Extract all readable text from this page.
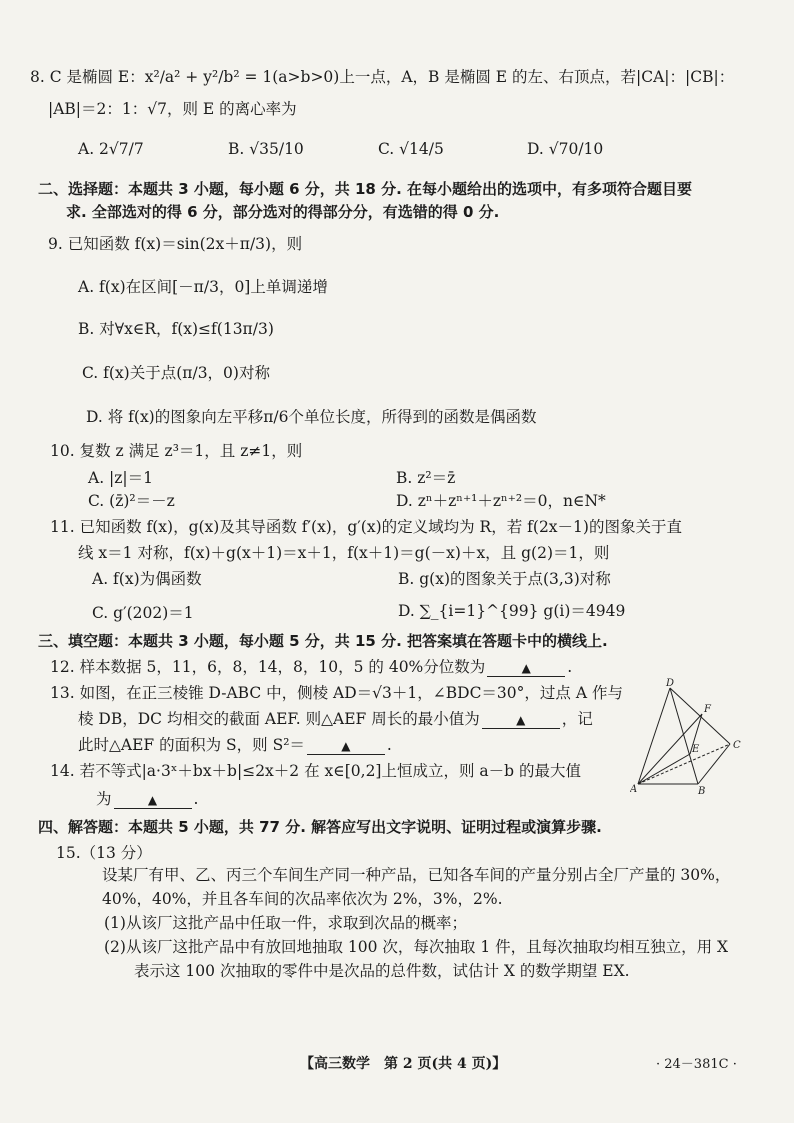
8. C 是椭圆 E：x²/a² + y²/b² = 1(a>b>0)上一点，A，B 是椭圆 E 的左、右顶点，若|CA|：|CB|：
|AB|＝2：1：√7，则 E 的离心率为
A. 2√7/7	B. √35/10	C. √14/5	D. √70/10
二、选择题：本题共 3 小题，每小题 6 分，共 18 分. 在每小题给出的选项中，有多项符合题目要
求. 全部选对的得 6 分，部分选对的得部分分，有选错的得 0 分.
9. 已知函数 f(x)＝sin(2x＋π/3)，则
A. f(x)在区间[－π/3，0]上单调递增
B. 对∀x∈R，f(x)≤f(13π/3)
C. f(x)关于点(π/3，0)对称
D. 将 f(x)的图象向左平移π/6个单位长度，所得到的函数是偶函数
10. 复数 z 满足 z³＝1，且 z≠1，则
A. |z|＝1	B. z²＝z̄
C. (z̄)²＝－z	D. zⁿ＋zⁿ⁺¹＋zⁿ⁺²＝0，n∈N*
11. 已知函数 f(x)，g(x)及其导函数 f′(x)，g′(x)的定义域均为 R，若 f(2x－1)的图象关于直
线 x＝1 对称，f(x)＋g(x＋1)＝x＋1，f(x＋1)＝g(－x)＋x，且 g(2)＝1，则
A. f(x)为偶函数	B. g(x)的图象关于点(3,3)对称
C. g′(202)＝1	D. ∑_{i=1}^{99} g(i)＝4949
三、填空题：本题共 3 小题，每小题 5 分，共 15 分. 把答案填在答题卡中的横线上.
12. 样本数据 5，11，6，8，14，8，10，5 的 40%分位数为	▲ .
13. 如图，在正三棱锥 D-ABC 中，侧棱 AD＝√3＋1，∠BDC＝30°，过点 A 作与
棱 DB，DC 均相交的截面 AEF. 则△AEF 周长的最小值为	▲ ，记
此时△AEF 的面积为 S，则 S²＝	▲ .
D
F
E	C
A	B
14. 若不等式|a·3ˣ＋bx＋b|≤2x＋2 在 x∈[0,2]上恒成立，则 a－b 的最大值
为	▲ .
四、解答题：本题共 5 小题，共 77 分. 解答应写出文字说明、证明过程或演算步骤.
15.（13 分）
设某厂有甲、乙、丙三个车间生产同一种产品，已知各车间的产量分别占全厂产量的 30%，
40%，40%，并且各车间的次品率依次为 2%，3%，2%.
(1)从该厂这批产品中任取一件，求取到次品的概率；
(2)从该厂这批产品中有放回地抽取 100 次，每次抽取 1 件，且每次抽取均相互独立，用 X
表示这 100 次抽取的零件中是次品的总件数，试估计 X 的数学期望 EX.
【高三数学　第 2 页(共 4 页)】	· 24－381C ·
